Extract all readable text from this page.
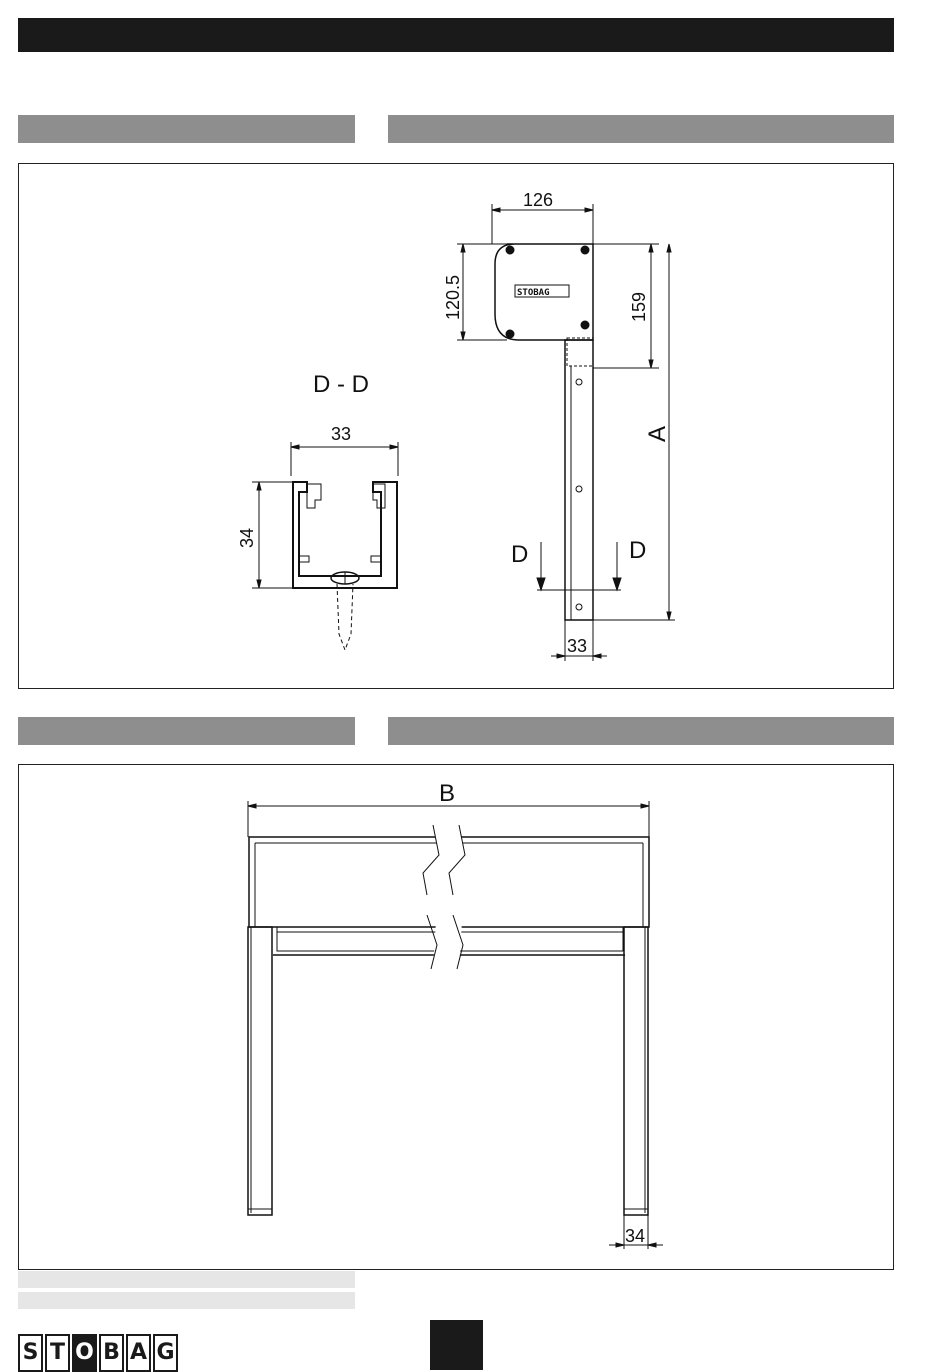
D - D
33
34
126
120.5	159
A
D	D
33
STOBAG
B
34
S T O B A G
